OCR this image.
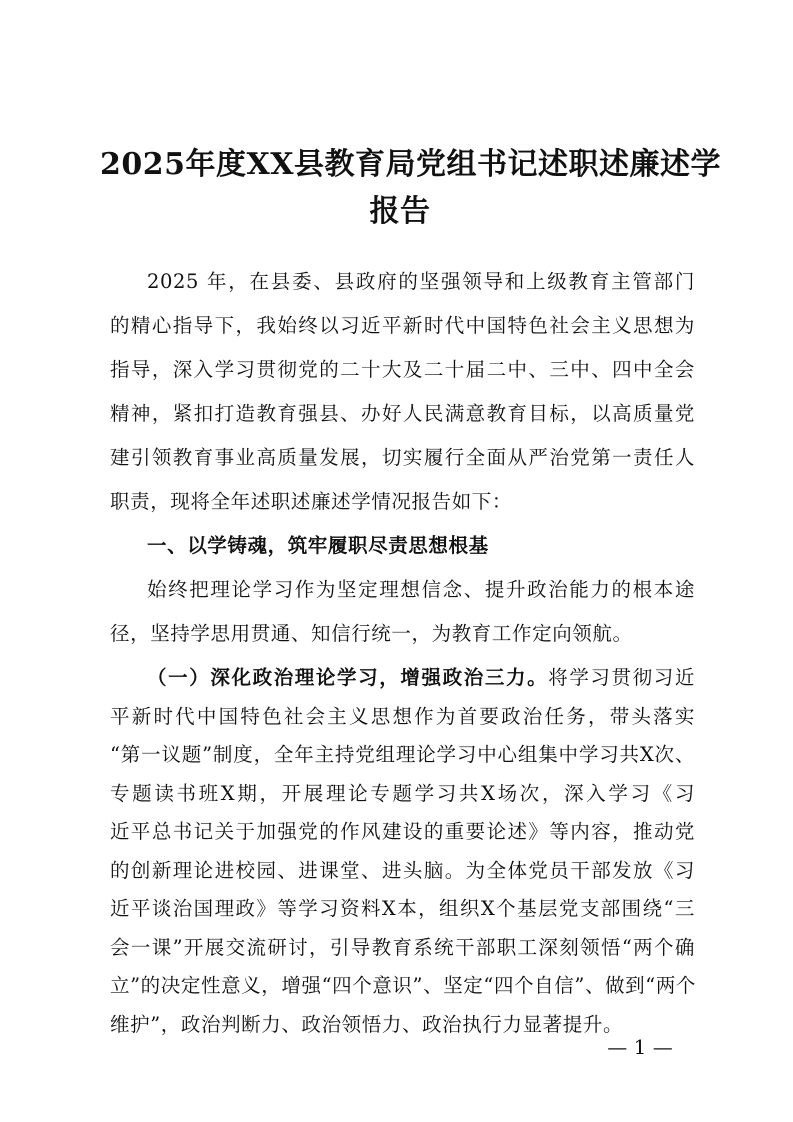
2025年度XX县教育局党组书记述职述廉述学
报告
2025 年，在县委、县政府的坚强领导和上级教育主管部门
的精心指导下，我始终以习近平新时代中国特色社会主义思想为
指导，深入学习贯彻党的二十大及二十届二中、三中、四中全会
精神，紧扣打造教育强县、办好人民满意教育目标，以高质量党
建引领教育事业高质量发展，切实履行全面从严治党第一责任人
职责，现将全年述职述廉述学情况报告如下：
一、以学铸魂，筑牢履职尽责思想根基
始终把理论学习作为坚定理想信念、提升政治能力的根本途
径，坚持学思用贯通、知信行统一，为教育工作定向领航。
（一）深化政治理论学习，增强政治三力。将学习贯彻习近
平新时代中国特色社会主义思想作为首要政治任务，带头落实
“第一议题”制度，全年主持党组理论学习中心组集中学习共X次、
专题读书班X期，开展理论专题学习共X场次，深入学习《习
近平总书记关于加强党的作风建设的重要论述》等内容，推动党
的创新理论进校园、进课堂、进头脑。为全体党员干部发放《习
近平谈治国理政》等学习资料X本，组织X个基层党支部围绕“三
会一课”开展交流研讨，引导教育系统干部职工深刻领悟“两个确
— 1 —
立”的决定性意义，增强“四个意识”、坚定“四个自信”、做到“两个
维护”，政治判断力、政治领悟力、政治执行力显著提升。
